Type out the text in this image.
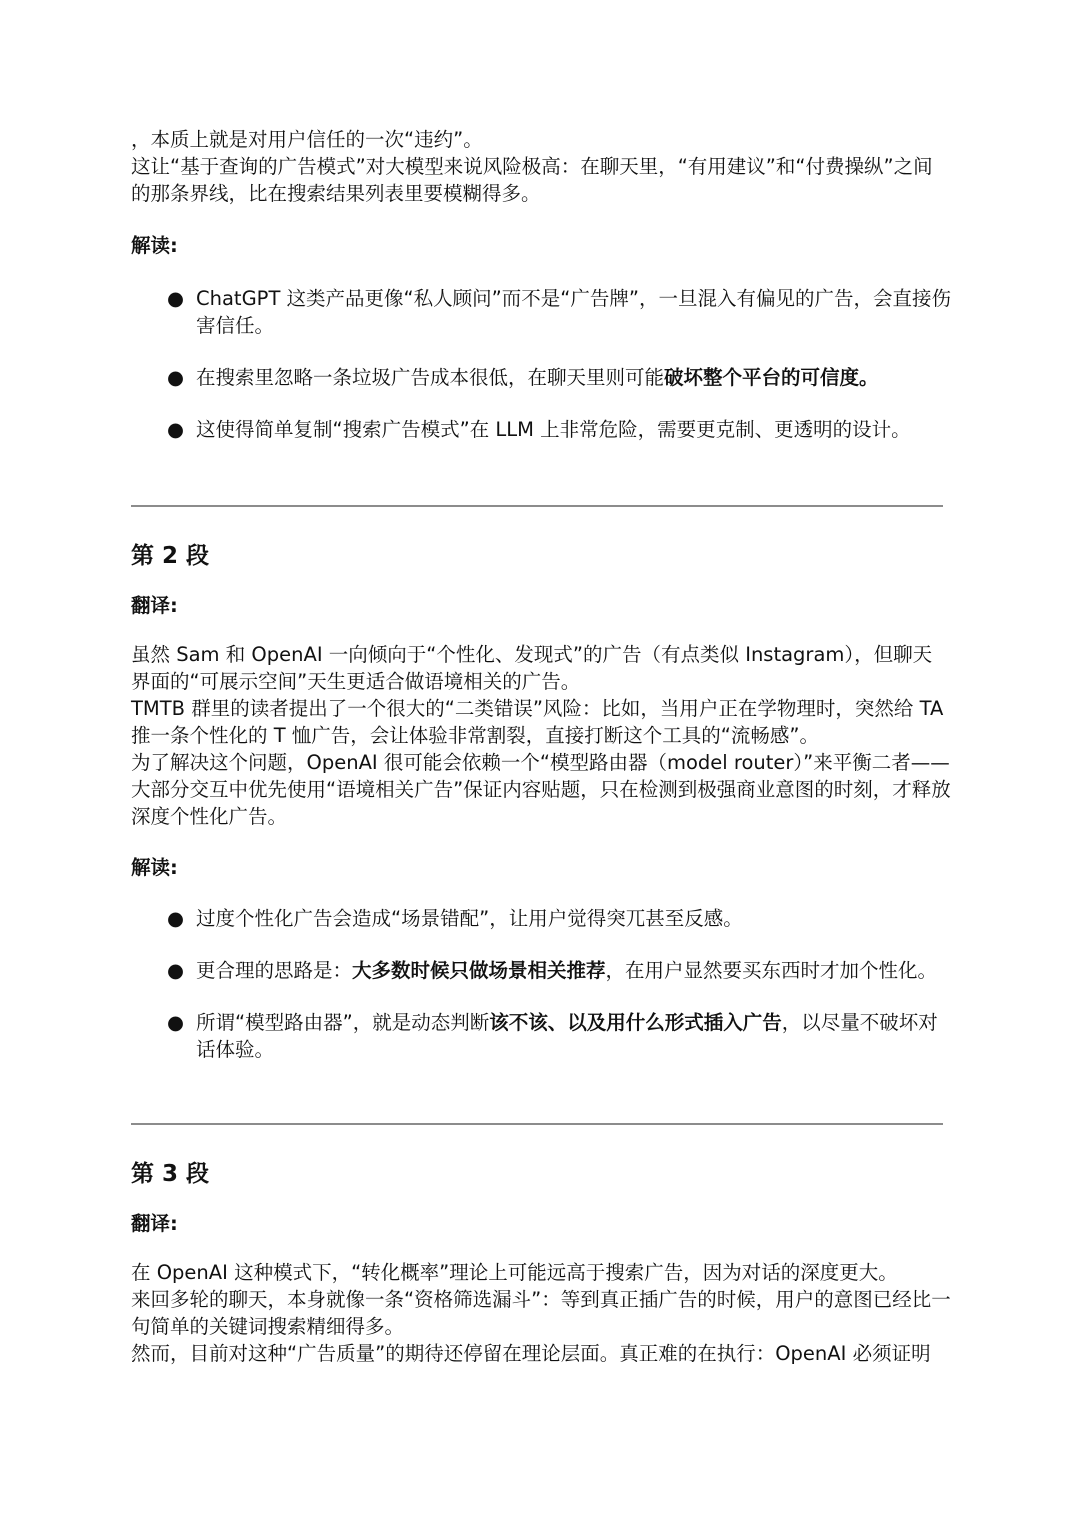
，本质上就是对用户信任的一次“违约”。

这让“基于查询的广告模式”对大模型来说风险极高：在聊天里，“有用建议”和“付费操纵”之间的那条界线，比在搜索结果列表里要模糊得多。

解读:
● ChatGPT 这类产品更像“私人顾问”而不是“广告牌”，一旦混入有偏见的广告，会直接伤害信任。
● 在搜索里忽略一条垃圾广告成本很低，在聊天里则可能破坏整个平台的可信度。
● 这使得简单复制“搜索广告模式”在 LLM 上非常危险，需要更克制、更透明的设计。
第 2 段
翻译:

虽然 Sam 和 OpenAI 一向倾向于“个性化、发现式”的广告（有点类似 Instagram），但聊天界面的“可展示空间”天生更适合做语境相关的广告。

TMTB 群里的读者提出了一个很大的“二类错误”风险：比如，当用户正在学物理时，突然给 TA 推一条个性化的 T 恤广告，会让体验非常割裂，直接打断这个工具的“流畅感”。

为了解决这个问题，OpenAI 很可能会依赖一个“模型路由器（model router）”来平衡二者——大部分交互中优先使用“语境相关广告”保证内容贴题，只在检测到极强商业意图的时刻，才释放深度个性化广告。

解读:
● 过度个性化广告会造成“场景错配”，让用户觉得突兀甚至反感。
● 更合理的思路是：大多数时候只做场景相关推荐，在用户显然要买东西时才加个性化。
● 所谓“模型路由器”，就是动态判断该不该、以及用什么形式插入广告，以尽量不破坏对话体验。
第 3 段
翻译:

在 OpenAI 这种模式下，“转化概率”理论上可能远高于搜索广告，因为对话的深度更大。

来回多轮的聊天，本身就像一条“资格筛选漏斗”：等到真正插广告的时候，用户的意图已经比一句简单的关键词搜索精细得多。

然而，目前对这种“广告质量”的期待还停留在理论层面。真正难的在执行：OpenAI 必须证明
